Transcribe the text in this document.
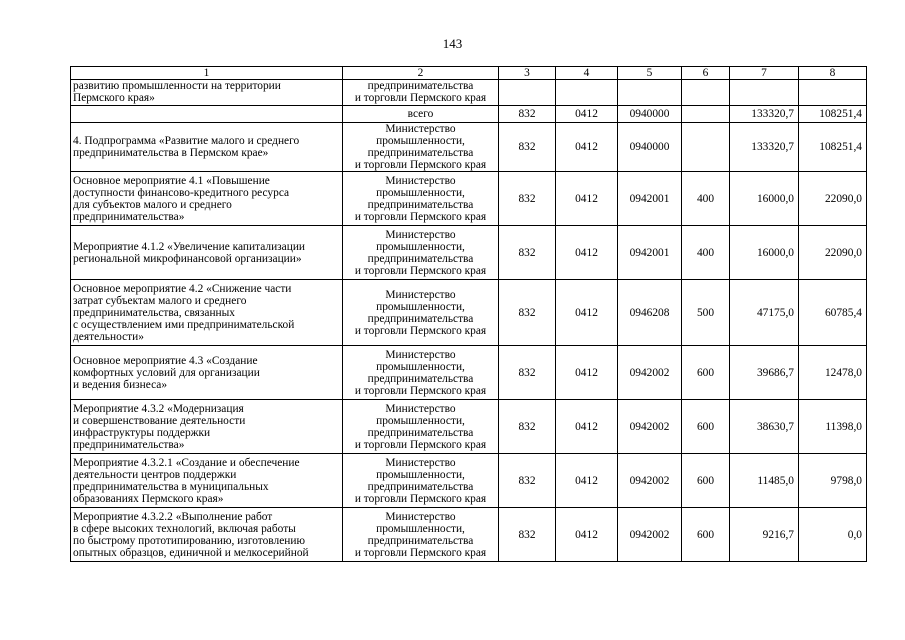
143
1	2	3	4	5	6	7	8

развитию промышленности на территории
Пермского края»	предпринимательства
и торговли Пермского края						

	всего	832	0412	0940000		133320,7	108251,4

4. Подпрограмма «Развитие малого и среднего
предпринимательства в Пермском крае»	Министерство
промышленности,
предпринимательства
и торговли Пермского края	832	0412	0940000		133320,7	108251,4

Основное мероприятие 4.1 «Повышение
доступности финансово-кредитного ресурса
для субъектов малого и среднего
предпринимательства»	Министерство
промышленности,
предпринимательства
и торговли Пермского края	832	0412	0942001	400	16000,0	22090,0

Мероприятие 4.1.2 «Увеличение капитализации
региональной микрофинансовой организации»	Министерство
промышленности,
предпринимательства
и торговли Пермского края	832	0412	0942001	400	16000,0	22090,0

Основное мероприятие 4.2 «Снижение части
затрат субъектам малого и среднего
предпринимательства, связанных
с осуществлением ими предпринимательской
деятельности»	Министерство
промышленности,
предпринимательства
и торговли Пермского края	832	0412	0946208	500	47175,0	60785,4

Основное мероприятие 4.3 «Создание
комфортных условий для организации
и ведения бизнеса»	Министерство
промышленности,
предпринимательства
и торговли Пермского края	832	0412	0942002	600	39686,7	12478,0

Мероприятие 4.3.2 «Модернизация
и совершенствование деятельности
инфраструктуры поддержки
предпринимательства»	Министерство
промышленности,
предпринимательства
и торговли Пермского края	832	0412	0942002	600	38630,7	11398,0

Мероприятие 4.3.2.1 «Создание и обеспечение
деятельности центров поддержки
предпринимательства в муниципальных
образованиях Пермского края»	Министерство
промышленности,
предпринимательства
и торговли Пермского края	832	0412	0942002	600	11485,0	9798,0

Мероприятие 4.3.2.2 «Выполнение работ
в сфере высоких технологий, включая работы
по быстрому прототипированию, изготовлению
опытных образцов, единичной и мелкосерийной	Министерство
промышленности,
предпринимательства
и торговли Пермского края	832	0412	0942002	600	9216,7	0,0
